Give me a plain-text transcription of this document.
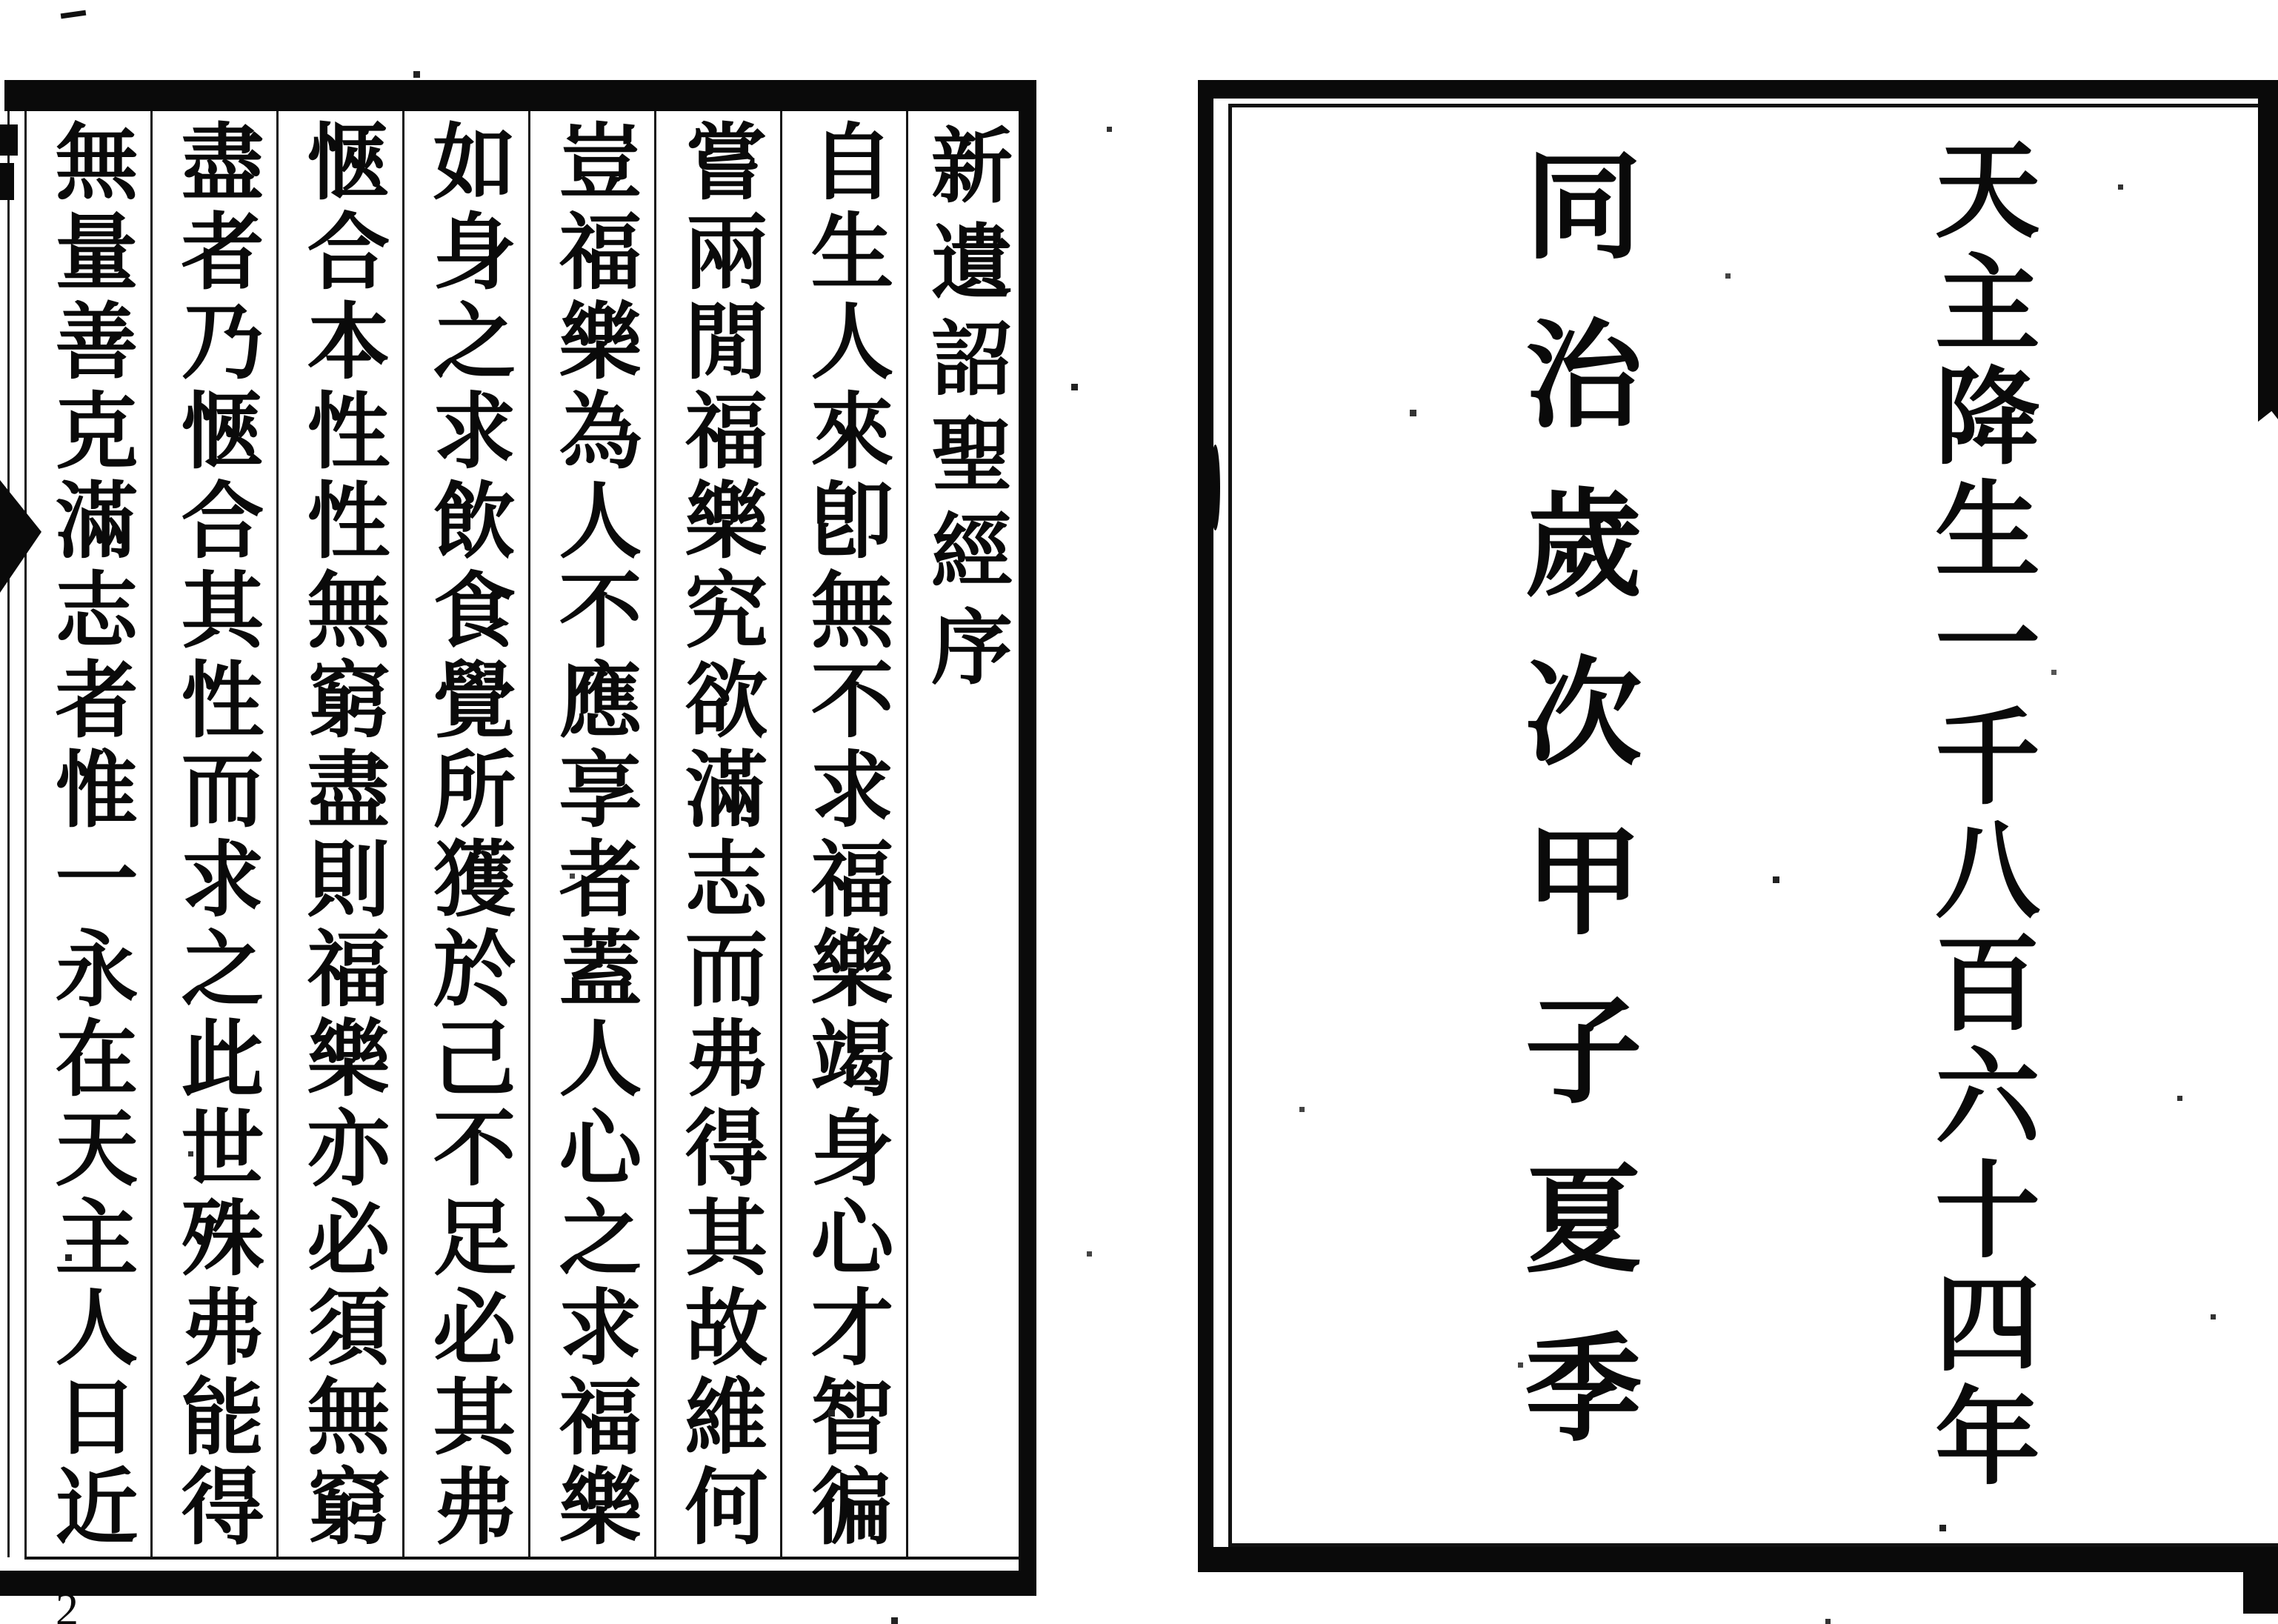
新遺詔聖經序
自生人來卽無不求福樂竭身心才智徧
嘗兩閒福樂究欲滿志而弗得其故維何
豈福樂為人不應享者蓋人心之求福樂
如身之求飲食覺所獲於己不足必其弗
愜合本性性無窮盡則福樂亦必須無窮
盡者乃愜合其性而求之此世殊弗能得
無量善克滿志者惟一永在天主人日近
2
天主降生一千八百六十四年
同治歲次甲子夏季
